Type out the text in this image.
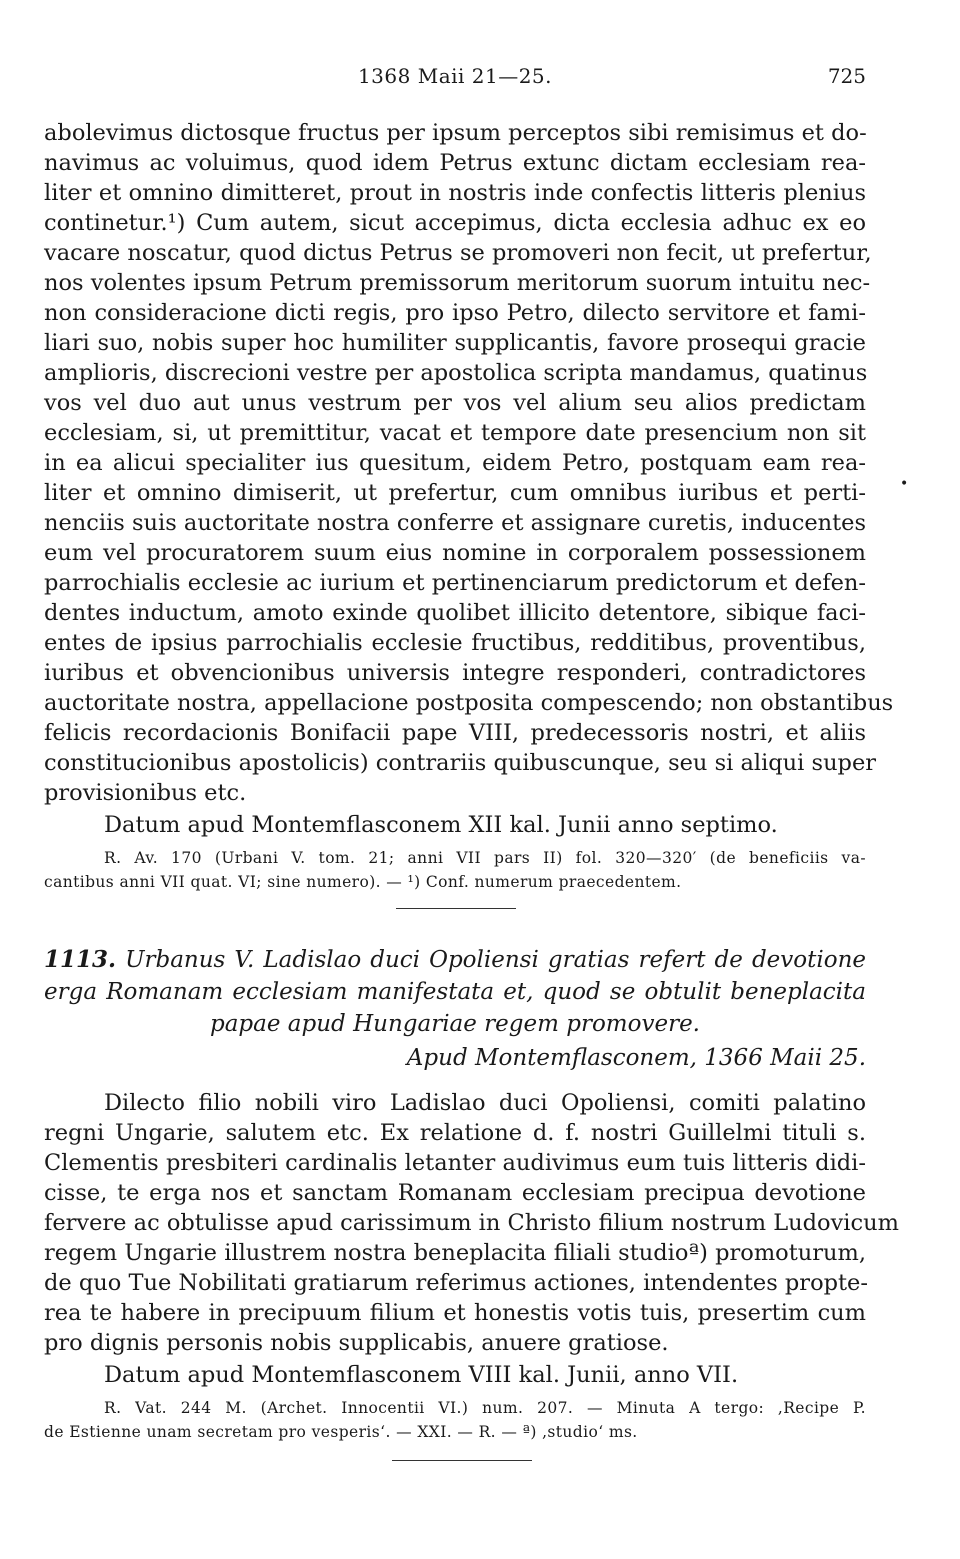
1368 Maii 21—25.	725
abolevimus dictosque fructus per ipsum perceptos sibi remisimus et do-
navimus ac voluimus, quod idem Petrus extunc dictam ecclesiam rea-
liter et omnino dimitteret, prout in nostris inde confectis litteris plenius
continetur.¹) Cum autem, sicut accepimus, dicta ecclesia adhuc ex eo
vacare noscatur, quod dictus Petrus se promoveri non fecit, ut prefertur,
nos volentes ipsum Petrum premissorum meritorum suorum intuitu nec-
non consideracione dicti regis, pro ipso Petro, dilecto servitore et fami-
liari suo, nobis super hoc humiliter supplicantis, favore prosequi gracie
amplioris, discrecioni vestre per apostolica scripta mandamus, quatinus
vos vel duo aut unus vestrum per vos vel alium seu alios predictam
ecclesiam, si, ut premittitur, vacat et tempore date presencium non sit
in ea alicui specialiter ius quesitum, eidem Petro, postquam eam rea-
liter et omnino dimiserit, ut prefertur, cum omnibus iuribus et perti-
nenciis suis auctoritate nostra conferre et assignare curetis, inducentes
eum vel procuratorem suum eius nomine in corporalem possessionem
parrochialis ecclesie ac iurium et pertinenciarum predictorum et defen-
dentes inductum, amoto exinde quolibet illicito detentore, sibique faci-
entes de ipsius parrochialis ecclesie fructibus, redditibus, proventibus,
iuribus et obvencionibus universis integre responderi, contradictores
auctoritate nostra, appellacione postposita compescendo; non obstantibus
felicis recordacionis Bonifacii pape VIII, predecessoris nostri, et aliis
constitucionibus apostolicis) contrariis quibuscunque, seu si aliqui super
provisionibus etc.
Datum apud Montemflasconem XII kal. Junii anno septimo.
•
R. Av. 170 (Urbani V. tom. 21; anni VII pars II) fol. 320—320′ (de beneficiis va-
cantibus anni VII quat. VI; sine numero). — ¹) Conf. numerum praecedentem.
1113. Urbanus V. Ladislao duci Opoliensi gratias refert de devotione
erga Romanam ecclesiam manifestata et, quod se obtulit beneplacita
papae apud Hungariae regem promovere.
Apud Montemflasconem, 1366 Maii 25.
Dilecto filio nobili viro Ladislao duci Opoliensi, comiti palatino
regni Ungarie, salutem etc. Ex relatione d. f. nostri Guillelmi tituli s.
Clementis presbiteri cardinalis letanter audivimus eum tuis litteris didi-
cisse, te erga nos et sanctam Romanam ecclesiam precipua devotione
fervere ac obtulisse apud carissimum in Christo filium nostrum Ludovicum
regem Ungarie illustrem nostra beneplacita filiali studioª) promoturum,
de quo Tue Nobilitati gratiarum referimus actiones, intendentes propte-
rea te habere in precipuum filium et honestis votis tuis, presertim cum
pro dignis personis nobis supplicabis, anuere gratiose.
Datum apud Montemflasconem VIII kal. Junii, anno VII.
R. Vat. 244 M. (Archet. Innocentii VI.) num. 207. — Minuta A tergo: ,Recipe P.
de Estienne unam secretam pro vesperis‘. — XXI. — R. — ª) ,studio‘ ms.
